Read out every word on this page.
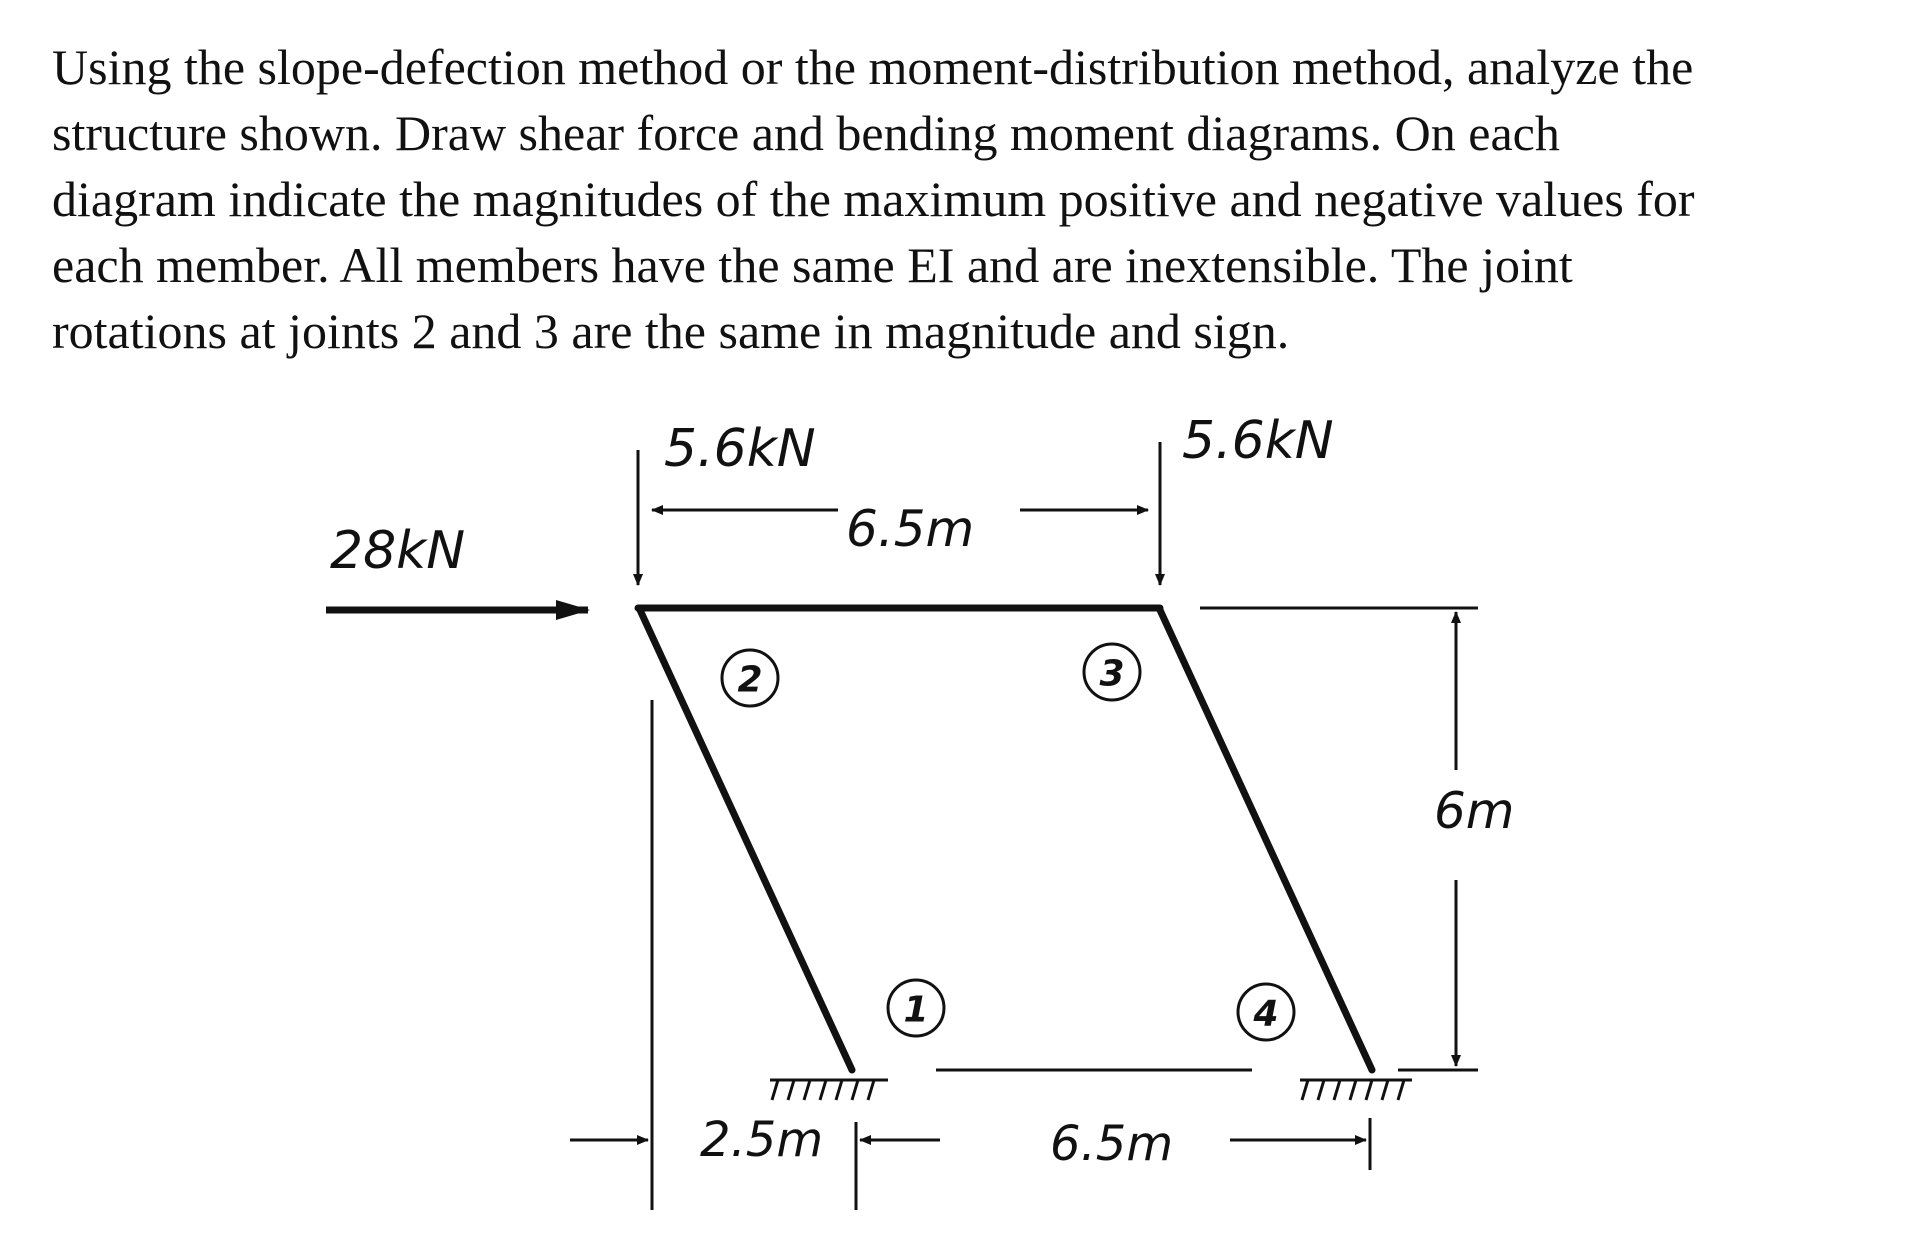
Using the slope-defection method or the moment-distribution method, analyze the
structure shown. Draw shear force and bending moment diagrams. On each
diagram indicate the magnitudes of the maximum positive and negative values for
each member. All members have the same EI and are inextensible. The joint
rotations at joints 2 and 3 are the same in magnitude and sign.
28kN
5.6kN	5.6kN
6.5m
6m
2.5m	6.5m
2	3
1	4
